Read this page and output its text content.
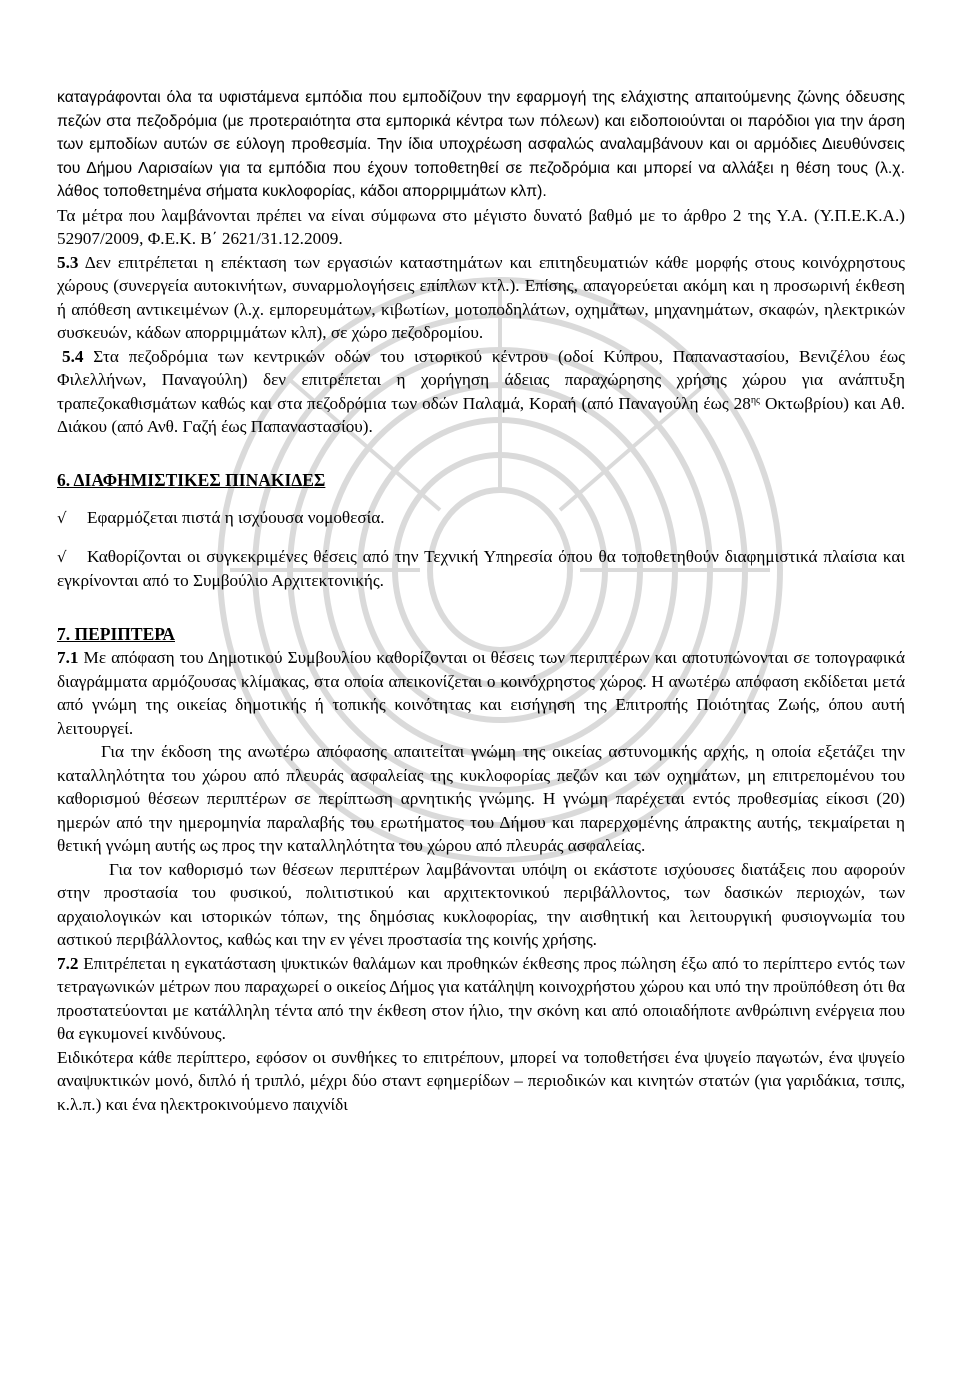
καταγράφονται όλα τα υφιστάμενα εμπόδια που εμποδίζουν την εφαρμογή της ελάχιστης απαιτούμενης ζώνης όδευσης πεζών στα πεζοδρόμια (με προτεραιότητα στα εμπορικά κέντρα των πόλεων) και ειδοποιούνται οι παρόδιοι για την άρση των εμποδίων αυτών σε εύλογη προθεσμία. Την ίδια υποχρέωση ασφαλώς αναλαμβάνουν και οι αρμόδιες Διευθύνσεις του Δήμου Λαρισαίων για τα εμπόδια που έχουν τοποθετηθεί σε πεζοδρόμια και μπορεί να αλλάξει η θέση τους (λ.χ. λάθος τοποθετημένα σήματα κυκλοφορίας, κάδοι απορριμμάτων κλπ).

Τα μέτρα που λαμβάνονται πρέπει να είναι σύμφωνα στο μέγιστο δυνατό βαθμό με το άρθρο 2 της Υ.Α. (Υ.Π.Ε.Κ.Α.) 52907/2009, Φ.Ε.Κ. Β΄ 2621/31.12.2009.

5.3 Δεν επιτρέπεται η επέκταση των εργασιών καταστημάτων και επιτηδευματιών κάθε μορφής στους κοινόχρηστους χώρους (συνεργεία αυτοκινήτων, συναρμολογήσεις επίπλων κτλ.). Επίσης, απαγορεύεται ακόμη και η προσωρινή έκθεση ή απόθεση αντικειμένων (λ.χ. εμπορευμάτων, κιβωτίων, μοτοποδηλάτων, οχημάτων, μηχανημάτων, σκαφών, ηλεκτρικών συσκευών, κάδων απορριμμάτων κλπ), σε χώρο πεζοδρομίου.

5.4 Στα πεζοδρόμια των κεντρικών οδών του ιστορικού κέντρου (οδοί Κύπρου, Παπαναστασίου, Βενιζέλου έως Φιλελλήνων, Παναγούλη) δεν επιτρέπεται η χορήγηση άδειας παραχώρησης χρήσης χώρου για ανάπτυξη τραπεζοκαθισμάτων καθώς και στα πεζοδρόμια των οδών Παλαμά, Κοραή (από Παναγούλη έως $28^{\eta\varsigma}$ Οκτωβρίου) και Αθ. Διάκου (από Ανθ. Γαζή έως Παπαναστασίου).

6. ΔΙΑΦΗΜΙΣΤΙΚΕΣ ΠΙΝΑΚΙΔΕΣ

√ Εφαρμόζεται πιστά η ισχύουσα νομοθεσία.

√ Καθορίζονται οι συγκεκριμένες θέσεις από την Τεχνική Υπηρεσία όπου θα τοποθετηθούν διαφημιστικά πλαίσια και εγκρίνονται από το Συμβούλιο Αρχιτεκτονικής.

7. ΠΕΡΙΠΤΕΡΑ

7.1 Με απόφαση του Δημοτικού Συμβουλίου καθορίζονται οι θέσεις των περιπτέρων και αποτυπώνονται σε τοπογραφικά διαγράμματα αρμόζουσας κλίμακας, στα οποία απεικονίζεται ο κοινόχρηστος χώρος. Η ανωτέρω απόφαση εκδίδεται μετά από γνώμη της οικείας δημοτικής ή τοπικής κοινότητας και εισήγηση της Επιτροπής Ποιότητας Ζωής, όπου αυτή λειτουργεί.

Για την έκδοση της ανωτέρω απόφασης απαιτείται γνώμη της οικείας αστυνομικής αρχής, η οποία εξετάζει την καταλληλότητα του χώρου από πλευράς ασφαλείας της κυκλοφορίας πεζών και των οχημάτων, μη επιτρεπομένου του καθορισμού θέσεων περιπτέρων σε περίπτωση αρνητικής γνώμης. Η γνώμη παρέχεται εντός προθεσμίας είκοσι (20) ημερών από την ημερομηνία παραλαβής του ερωτήματος του Δήμου και παρερχομένης άπρακτης αυτής, τεκμαίρεται η θετική γνώμη αυτής ως προς την καταλληλότητα του χώρου από πλευράς ασφαλείας.

Για τον καθορισμό των θέσεων περιπτέρων λαμβάνονται υπόψη οι εκάστοτε ισχύουσες διατάξεις που αφορούν στην προστασία του φυσικού, πολιτιστικού και αρχιτεκτονικού περιβάλλοντος, των δασικών περιοχών, των αρχαιολογικών και ιστορικών τόπων, της δημόσιας κυκλοφορίας, την αισθητική και λειτουργική φυσιογνωμία του αστικού περιβάλλοντος, καθώς και την εν γένει προστασία της κοινής χρήσης.

7.2 Επιτρέπεται η εγκατάσταση ψυκτικών θαλάμων και προθηκών έκθεσης προς πώληση έξω από το περίπτερο εντός των τετραγωνικών μέτρων που παραχωρεί ο οικείος Δήμος για κατάληψη κοινοχρήστου χώρου και υπό την προϋπόθεση ότι θα προστατεύονται με κατάλληλη τέντα από την έκθεση στον ήλιο, την σκόνη και από οποιαδήποτε ανθρώπινη ενέργεια που θα εγκυμονεί κινδύνους.

Ειδικότερα κάθε περίπτερο, εφόσον οι συνθήκες το επιτρέπουν, μπορεί να τοποθετήσει ένα ψυγείο παγωτών, ένα ψυγείο αναψυκτικών μονό, διπλό ή τριπλό, μέχρι δύο σταντ εφημερίδων – περιοδικών και κινητών στατών (για γαριδάκια, τσιπς, κ.λ.π.) και ένα ηλεκτροκινούμενο παιχνίδι
